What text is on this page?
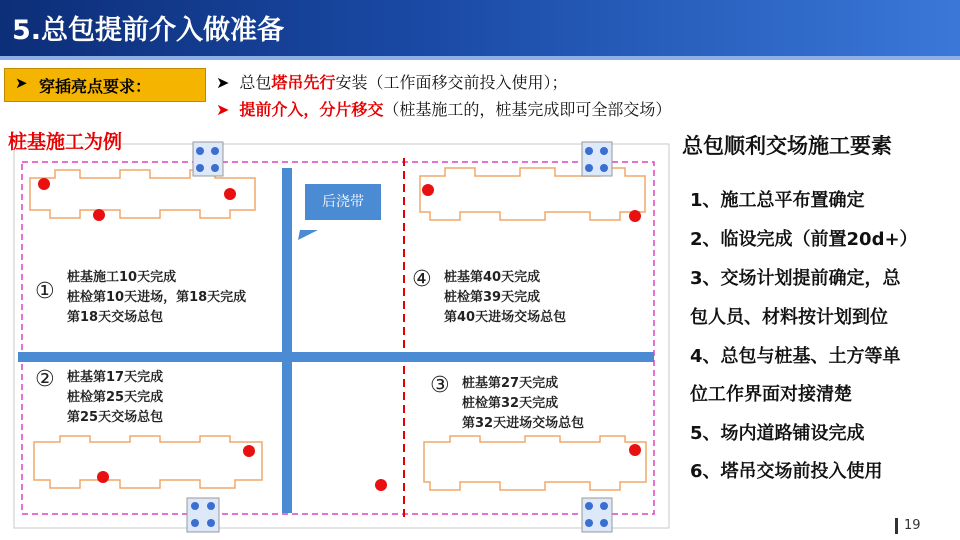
5.总包提前介入做准备
➤ 穿插亮点要求：	➤ 总包塔吊先行安装（工作面移交前投入使用）；
➤ 提前介入，分片移交（桩基施工的，桩基完成即可全部交场）
桩基施工为例
后浇带
①
桩基施工10天完成
桩检第10天进场，第18天完成
第18天交场总包
④ 桩基第40天完成
桩检第39天完成
第40天进场交场总包
② 桩基第17天完成
桩检第25天完成
第25天交场总包
③ 桩基第27天完成
桩检第32天完成
第32天进场交场总包
总包顺利交场施工要素
1、施工总平布置确定
2、临设完成（前置20d+）
3、交场计划提前确定，总
包人员、材料按计划到位
4、总包与桩基、土方等单
位工作界面对接清楚
5、场内道路铺设完成
6、塔吊交场前投入使用
19
